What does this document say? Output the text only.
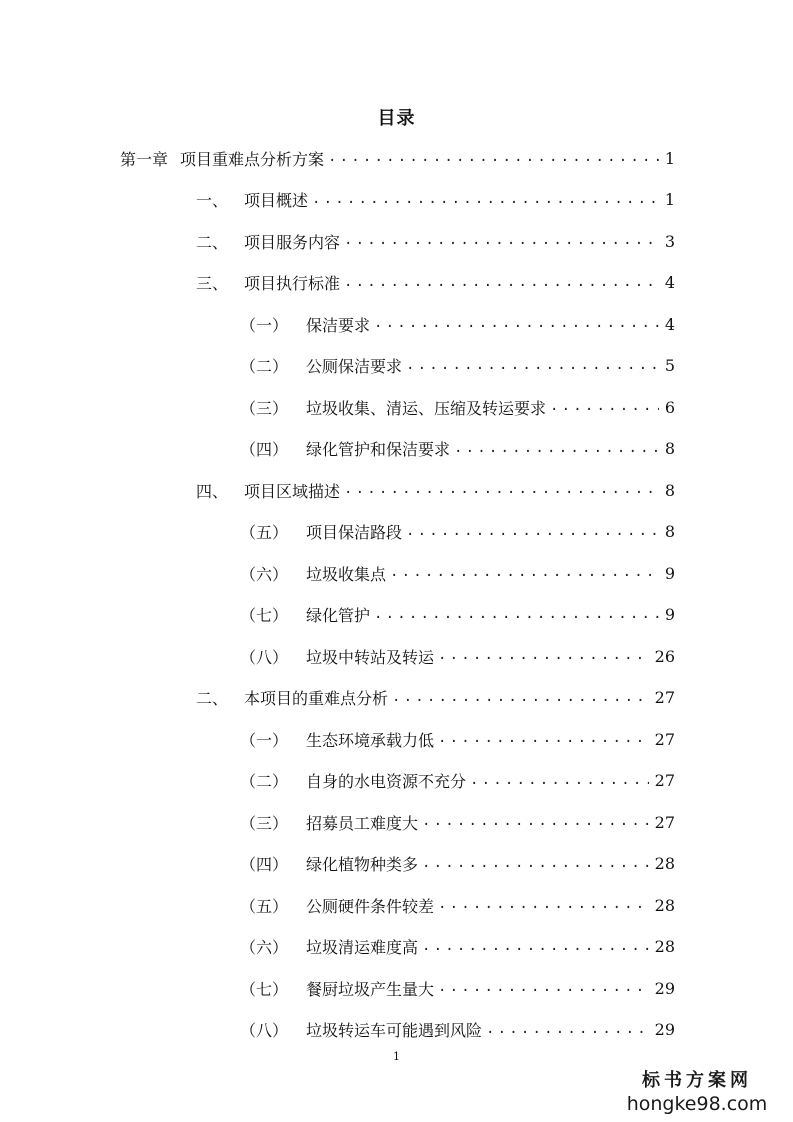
目录
第一章 项目重难点分析方案 .....	1
一、 项目概述 .....	1
二、 项目服务内容 .....	3
三、 项目执行标准 .....	4
（一） 保洁要求 .....	4
（二） 公厕保洁要求 .....	5
（三） 垃圾收集、清运、压缩及转运要求 .....	6
（四） 绿化管护和保洁要求 .....	8
四、 项目区域描述 .....	8
（五） 项目保洁路段 .....	8
（六） 垃圾收集点 .....	9
（七） 绿化管护 .....	9
（八） 垃圾中转站及转运 .....	26
二、 本项目的重难点分析 .....	27
（一） 生态环境承载力低 .....	27
（二） 自身的水电资源不充分 .....	27
（三） 招募员工难度大 .....	27
（四） 绿化植物种类多 .....	28
（五） 公厕硬件条件较差 .....	28
（六） 垃圾清运难度高 .....	28
（七） 餐厨垃圾产生量大 .....	29
（八） 垃圾转运车可能遇到风险 .....	29
1
标书方案网
hongke98.com
